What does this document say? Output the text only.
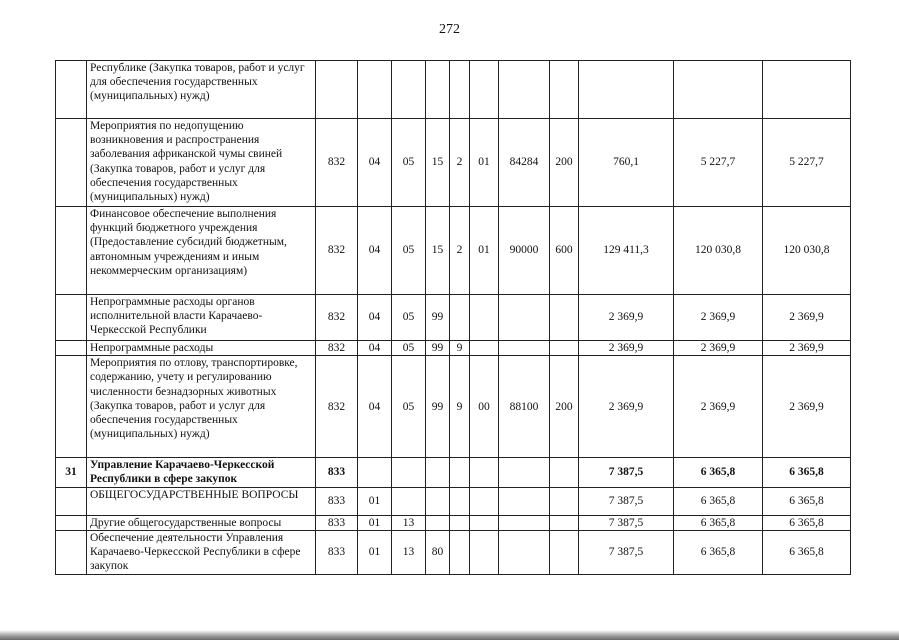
272
	Республике (Закупка товаров, работ и услуг для обеспечения государственных (муниципальных) нужд)											
	Мероприятия по недопущению возникновения и распространения заболевания африканской чумы свиней (Закупка товаров, работ и услуг для обеспечения государственных (муниципальных) нужд)	832	04	05	15	2	01	84284	200	760,1	5 227,7	5 227,7
	Финансовое обеспечение выполнения функций бюджетного учреждения (Предоставление субсидий бюджетным, автономным учреждениям и иным некоммерческим организациям)	832	04	05	15	2	01	90000	600	129 411,3	120 030,8	120 030,8
	Непрограммные расходы органов исполнительной власти Карачаево-Черкесской Республики	832	04	05	99					2 369,9	2 369,9	2 369,9
	Непрограммные расходы	832	04	05	99	9				2 369,9	2 369,9	2 369,9
	Мероприятия по отлову, транспортировке, содержанию, учету и регулированию численности безнадзорных животных (Закупка товаров, работ и услуг для обеспечения государственных (муниципальных) нужд)	832	04	05	99	9	00	88100	200	2 369,9	2 369,9	2 369,9
31	Управление Карачаево-Черкесской Республики в сфере закупок	833								7 387,5	6 365,8	6 365,8
	ОБЩЕГОСУДАРСТВЕННЫЕ ВОПРОСЫ	833	01							7 387,5	6 365,8	6 365,8
	Другие общегосударственные вопросы	833	01	13						7 387,5	6 365,8	6 365,8
	Обеспечение деятельности Управления Карачаево-Черкесской Республики в сфере закупок	833	01	13	80					7 387,5	6 365,8	6 365,8
